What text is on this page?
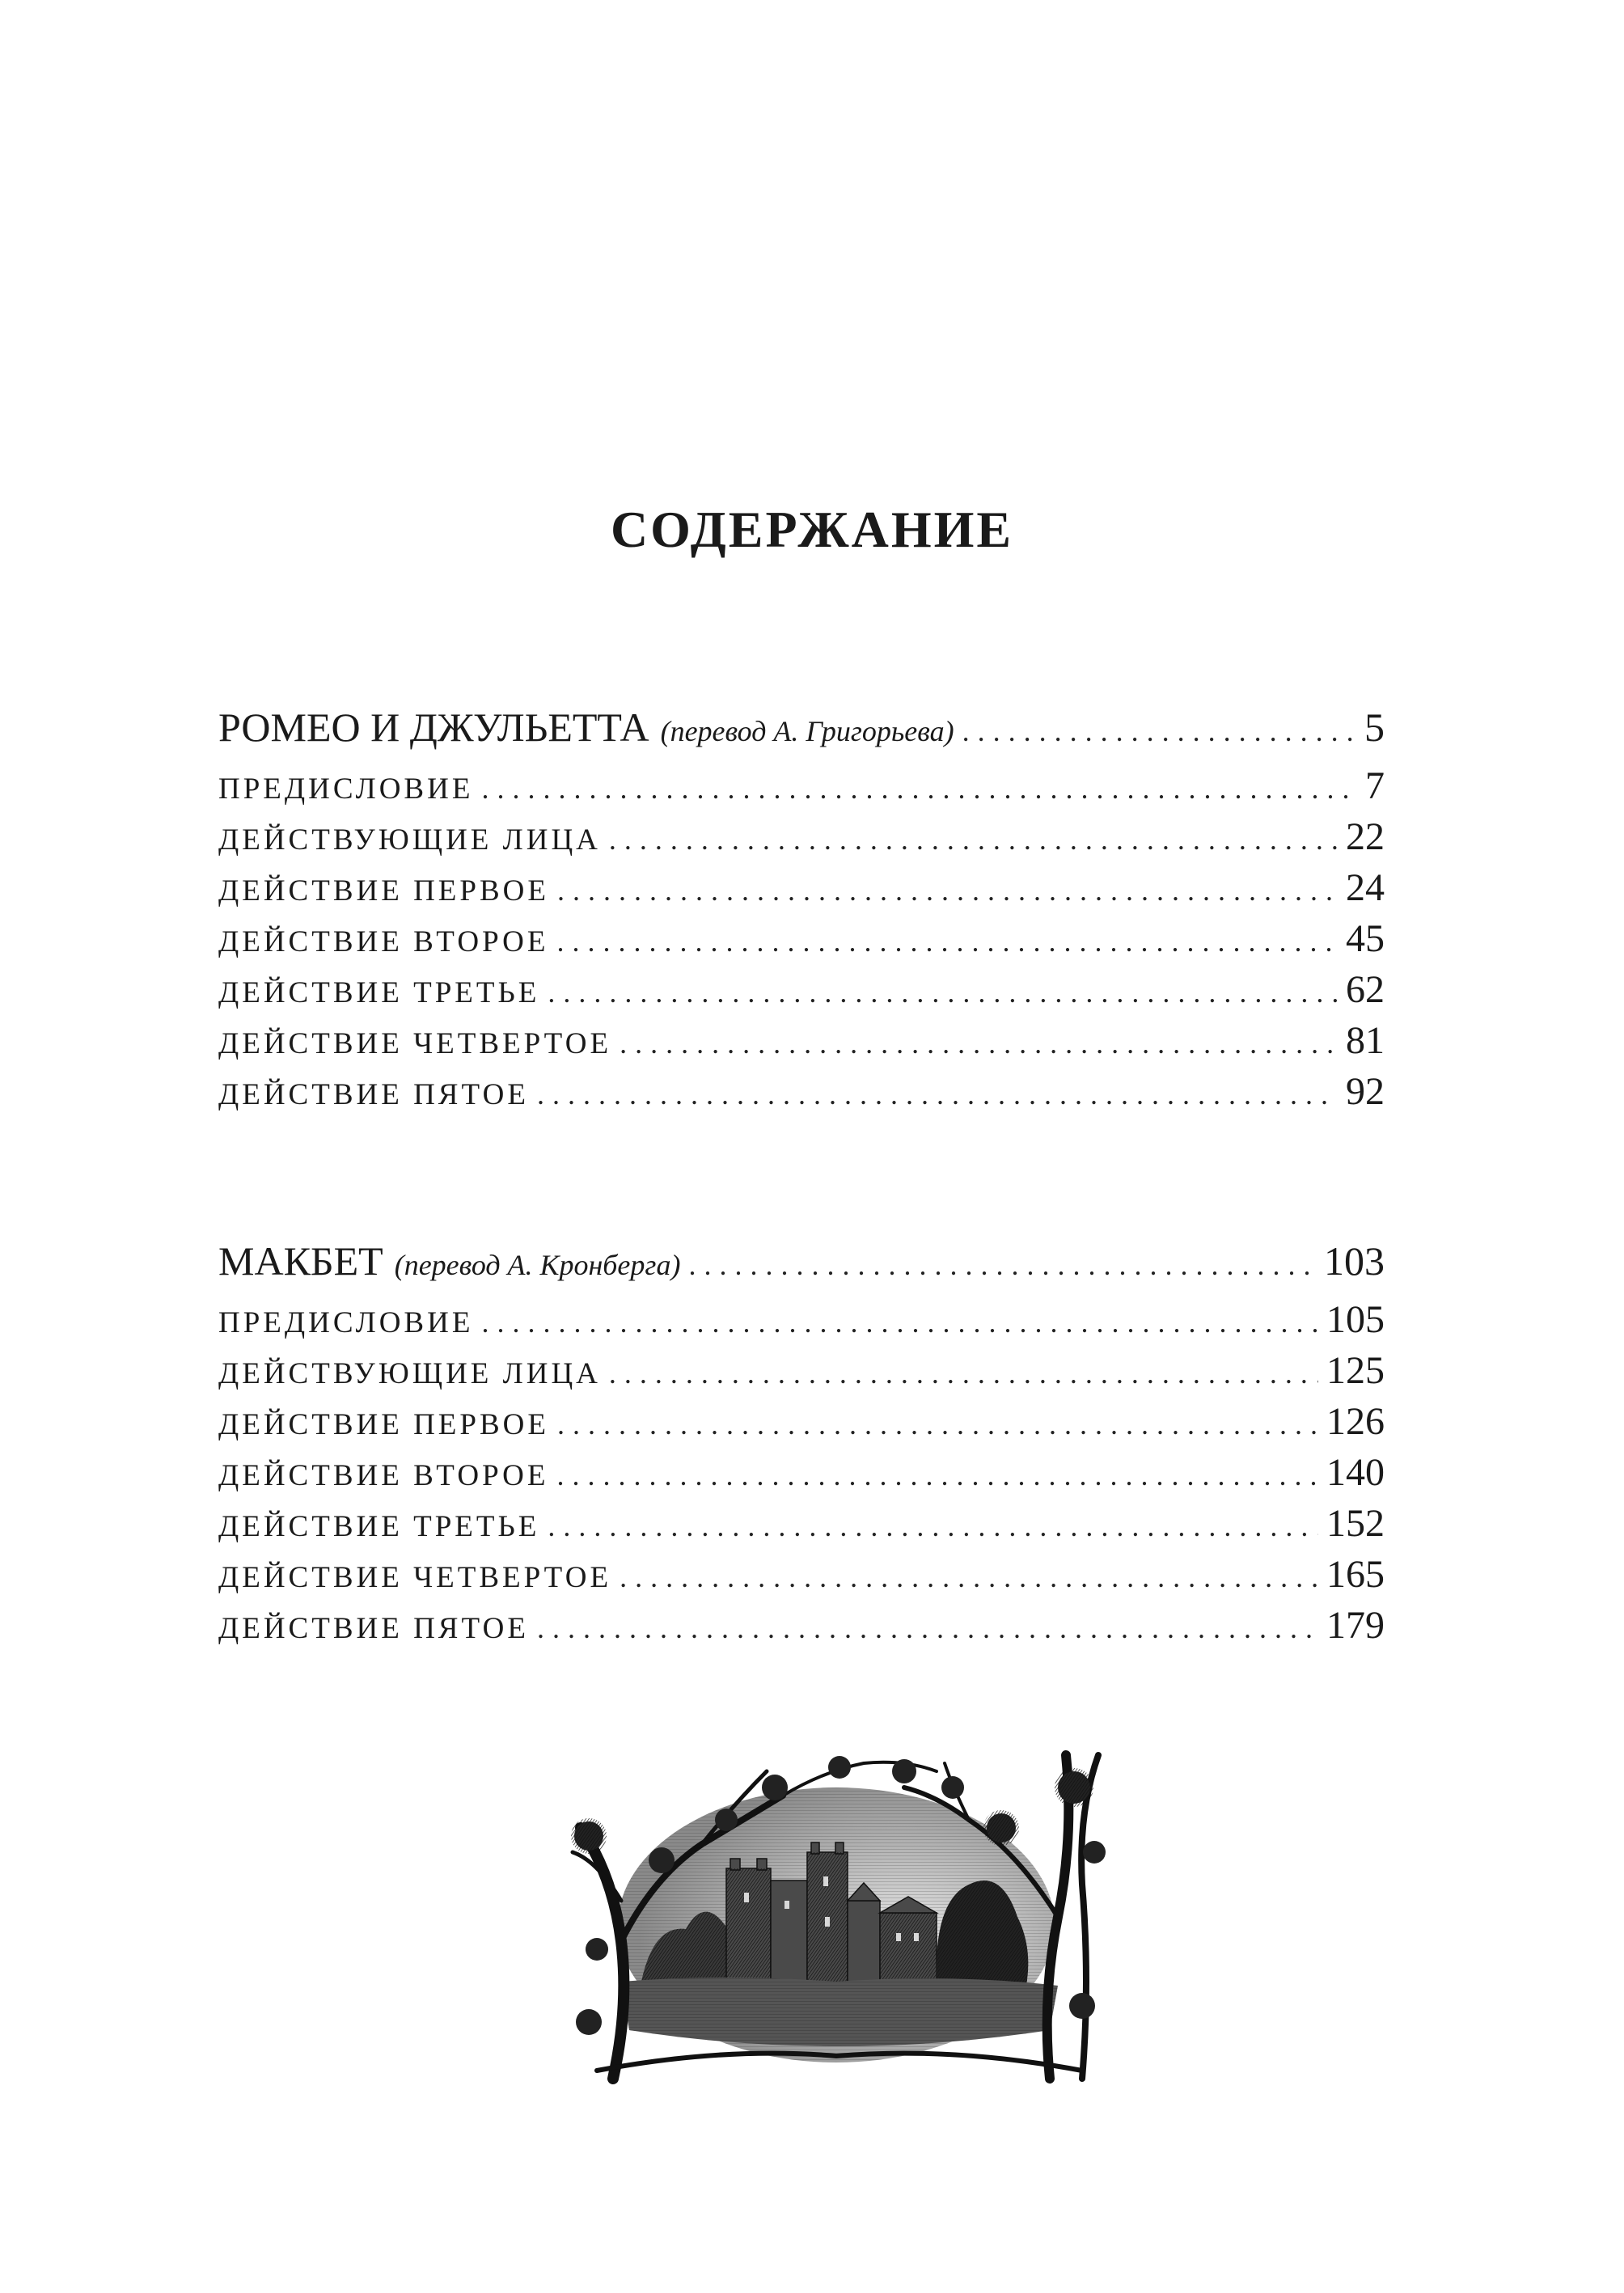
СОДЕРЖАНИЕ
РОМЕО И ДЖУЛЬЕТТА (перевод А. Григорьева) .....	5
ПРЕДИСЛОВИЕ .....	7
ДЕЙСТВУЮЩИЕ ЛИЦА .....	22
ДЕЙСТВИЕ ПЕРВОЕ .....	24
ДЕЙСТВИЕ ВТОРОЕ .....	45
ДЕЙСТВИЕ ТРЕТЬЕ .....	62
ДЕЙСТВИЕ ЧЕТВЕРТОЕ .....	81
ДЕЙСТВИЕ ПЯТОЕ .....	92
МАКБЕТ (перевод А. Кронберга) .....	103
ПРЕДИСЛОВИЕ .....	105
ДЕЙСТВУЮЩИЕ ЛИЦА .....	125
ДЕЙСТВИЕ ПЕРВОЕ .....	126
ДЕЙСТВИЕ ВТОРОЕ .....	140
ДЕЙСТВИЕ ТРЕТЬЕ .....	152
ДЕЙСТВИЕ ЧЕТВЕРТОЕ .....	165
ДЕЙСТВИЕ ПЯТОЕ .....	179
